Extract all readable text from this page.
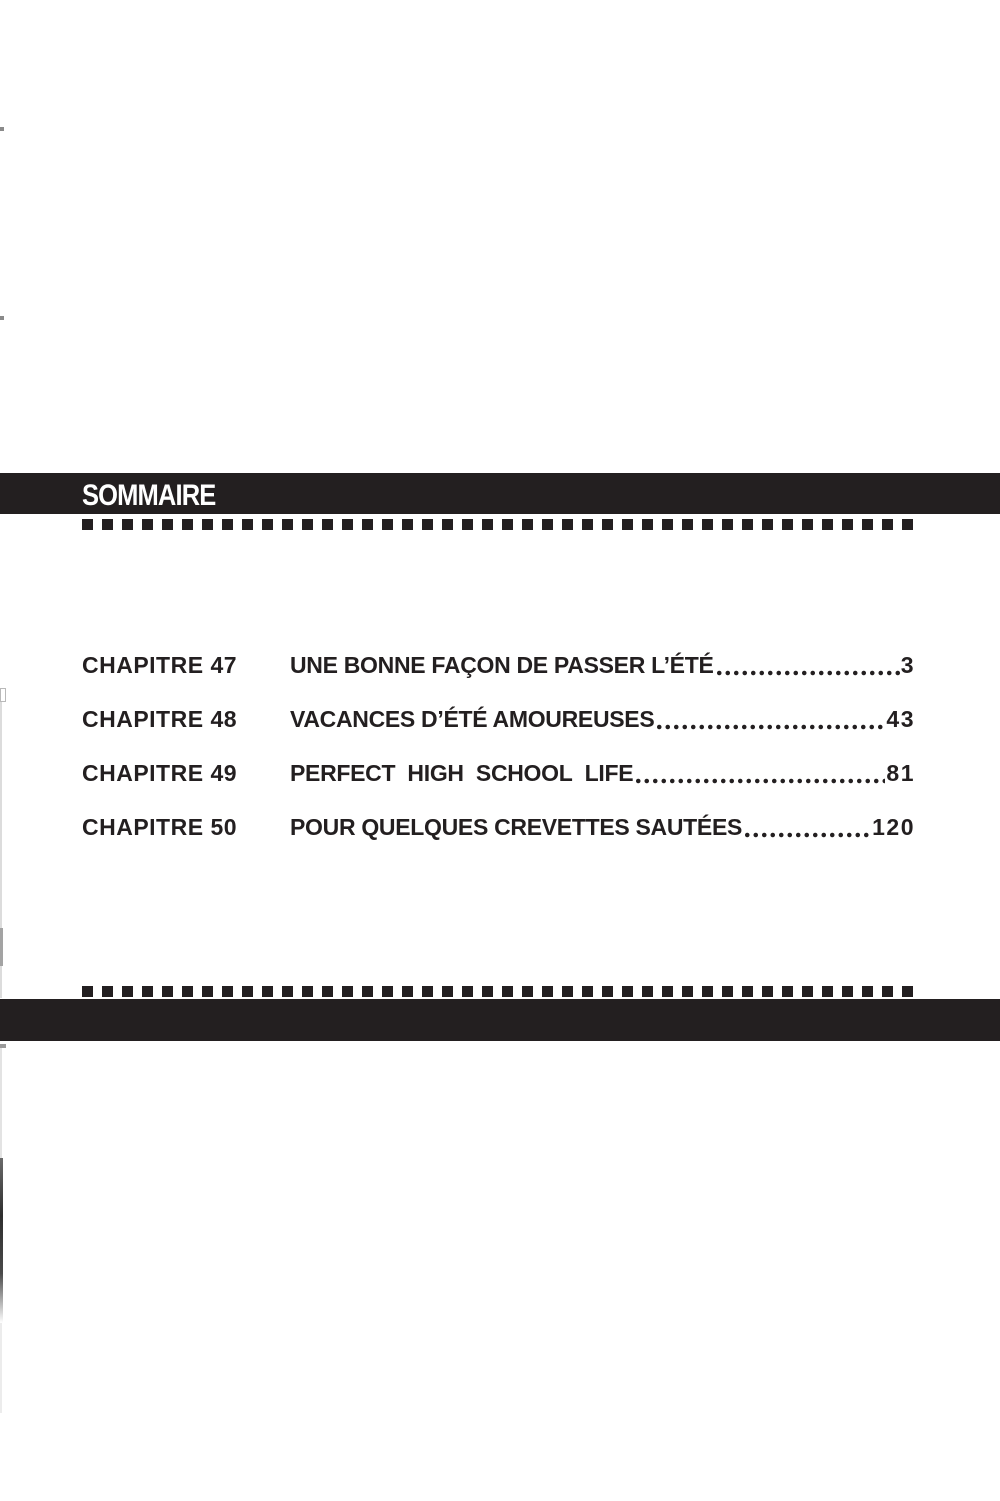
SOMMAIRE
CHAPITRE 47	UNE BONNE FAÇON DE PASSER L’ÉTÉ	3
CHAPITRE 48	VACANCES D’ÉTÉ AMOUREUSES	43
CHAPITRE 49	PERFECT  HIGH  SCHOOL  LIFE	81
CHAPITRE 50	POUR QUELQUES CREVETTES SAUTÉES	120
